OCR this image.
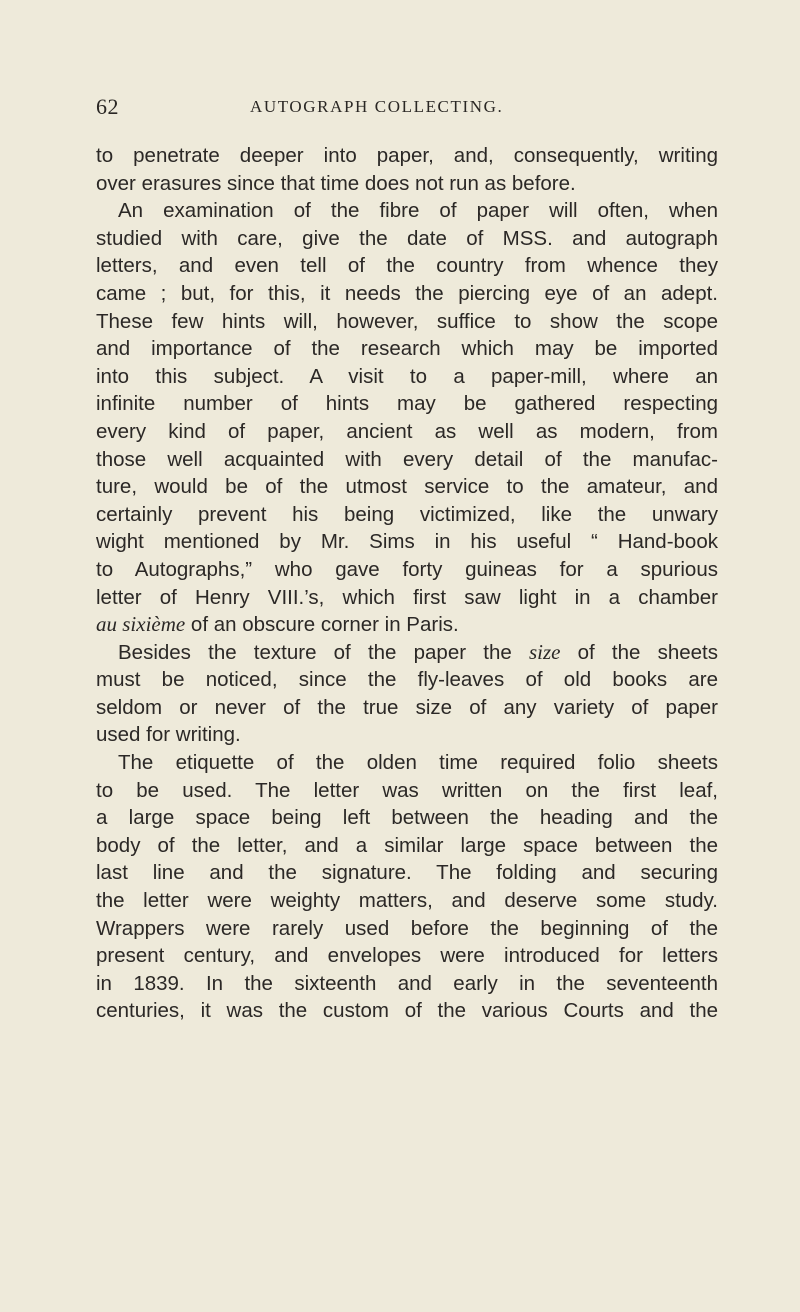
62	AUTOGRAPH COLLECTING.
to penetrate deeper into paper, and, consequently, writing
over erasures since that time does not run as before.
An examination of the fibre of paper will often, when
studied with care, give the date of MSS. and autograph
letters, and even tell of the country from whence they
came ; but, for this, it needs the piercing eye of an adept.
These few hints will, however, suffice to show the scope
and importance of the research which may be imported
into this subject. A visit to a paper-mill, where an
infinite number of hints may be gathered respecting
every kind of paper, ancient as well as modern, from
those well acquainted with every detail of the manufac-
ture, would be of the utmost service to the amateur, and
certainly prevent his being victimized, like the unwary
wight mentioned by Mr. Sims in his useful “ Hand-book
to Autographs,” who gave forty guineas for a spurious
letter of Henry VIII.’s, which first saw light in a chamber
au sixième of an obscure corner in Paris.
Besides the texture of the paper the size of the sheets
must be noticed, since the fly-leaves of old books are
seldom or never of the true size of any variety of paper
used for writing.
The etiquette of the olden time required folio sheets
to be used. The letter was written on the first leaf,
a large space being left between the heading and the
body of the letter, and a similar large space between the
last line and the signature. The folding and securing
the letter were weighty matters, and deserve some study.
Wrappers were rarely used before the beginning of the
present century, and envelopes were introduced for letters
in 1839. In the sixteenth and early in the seventeenth
centuries, it was the custom of the various Courts and the
